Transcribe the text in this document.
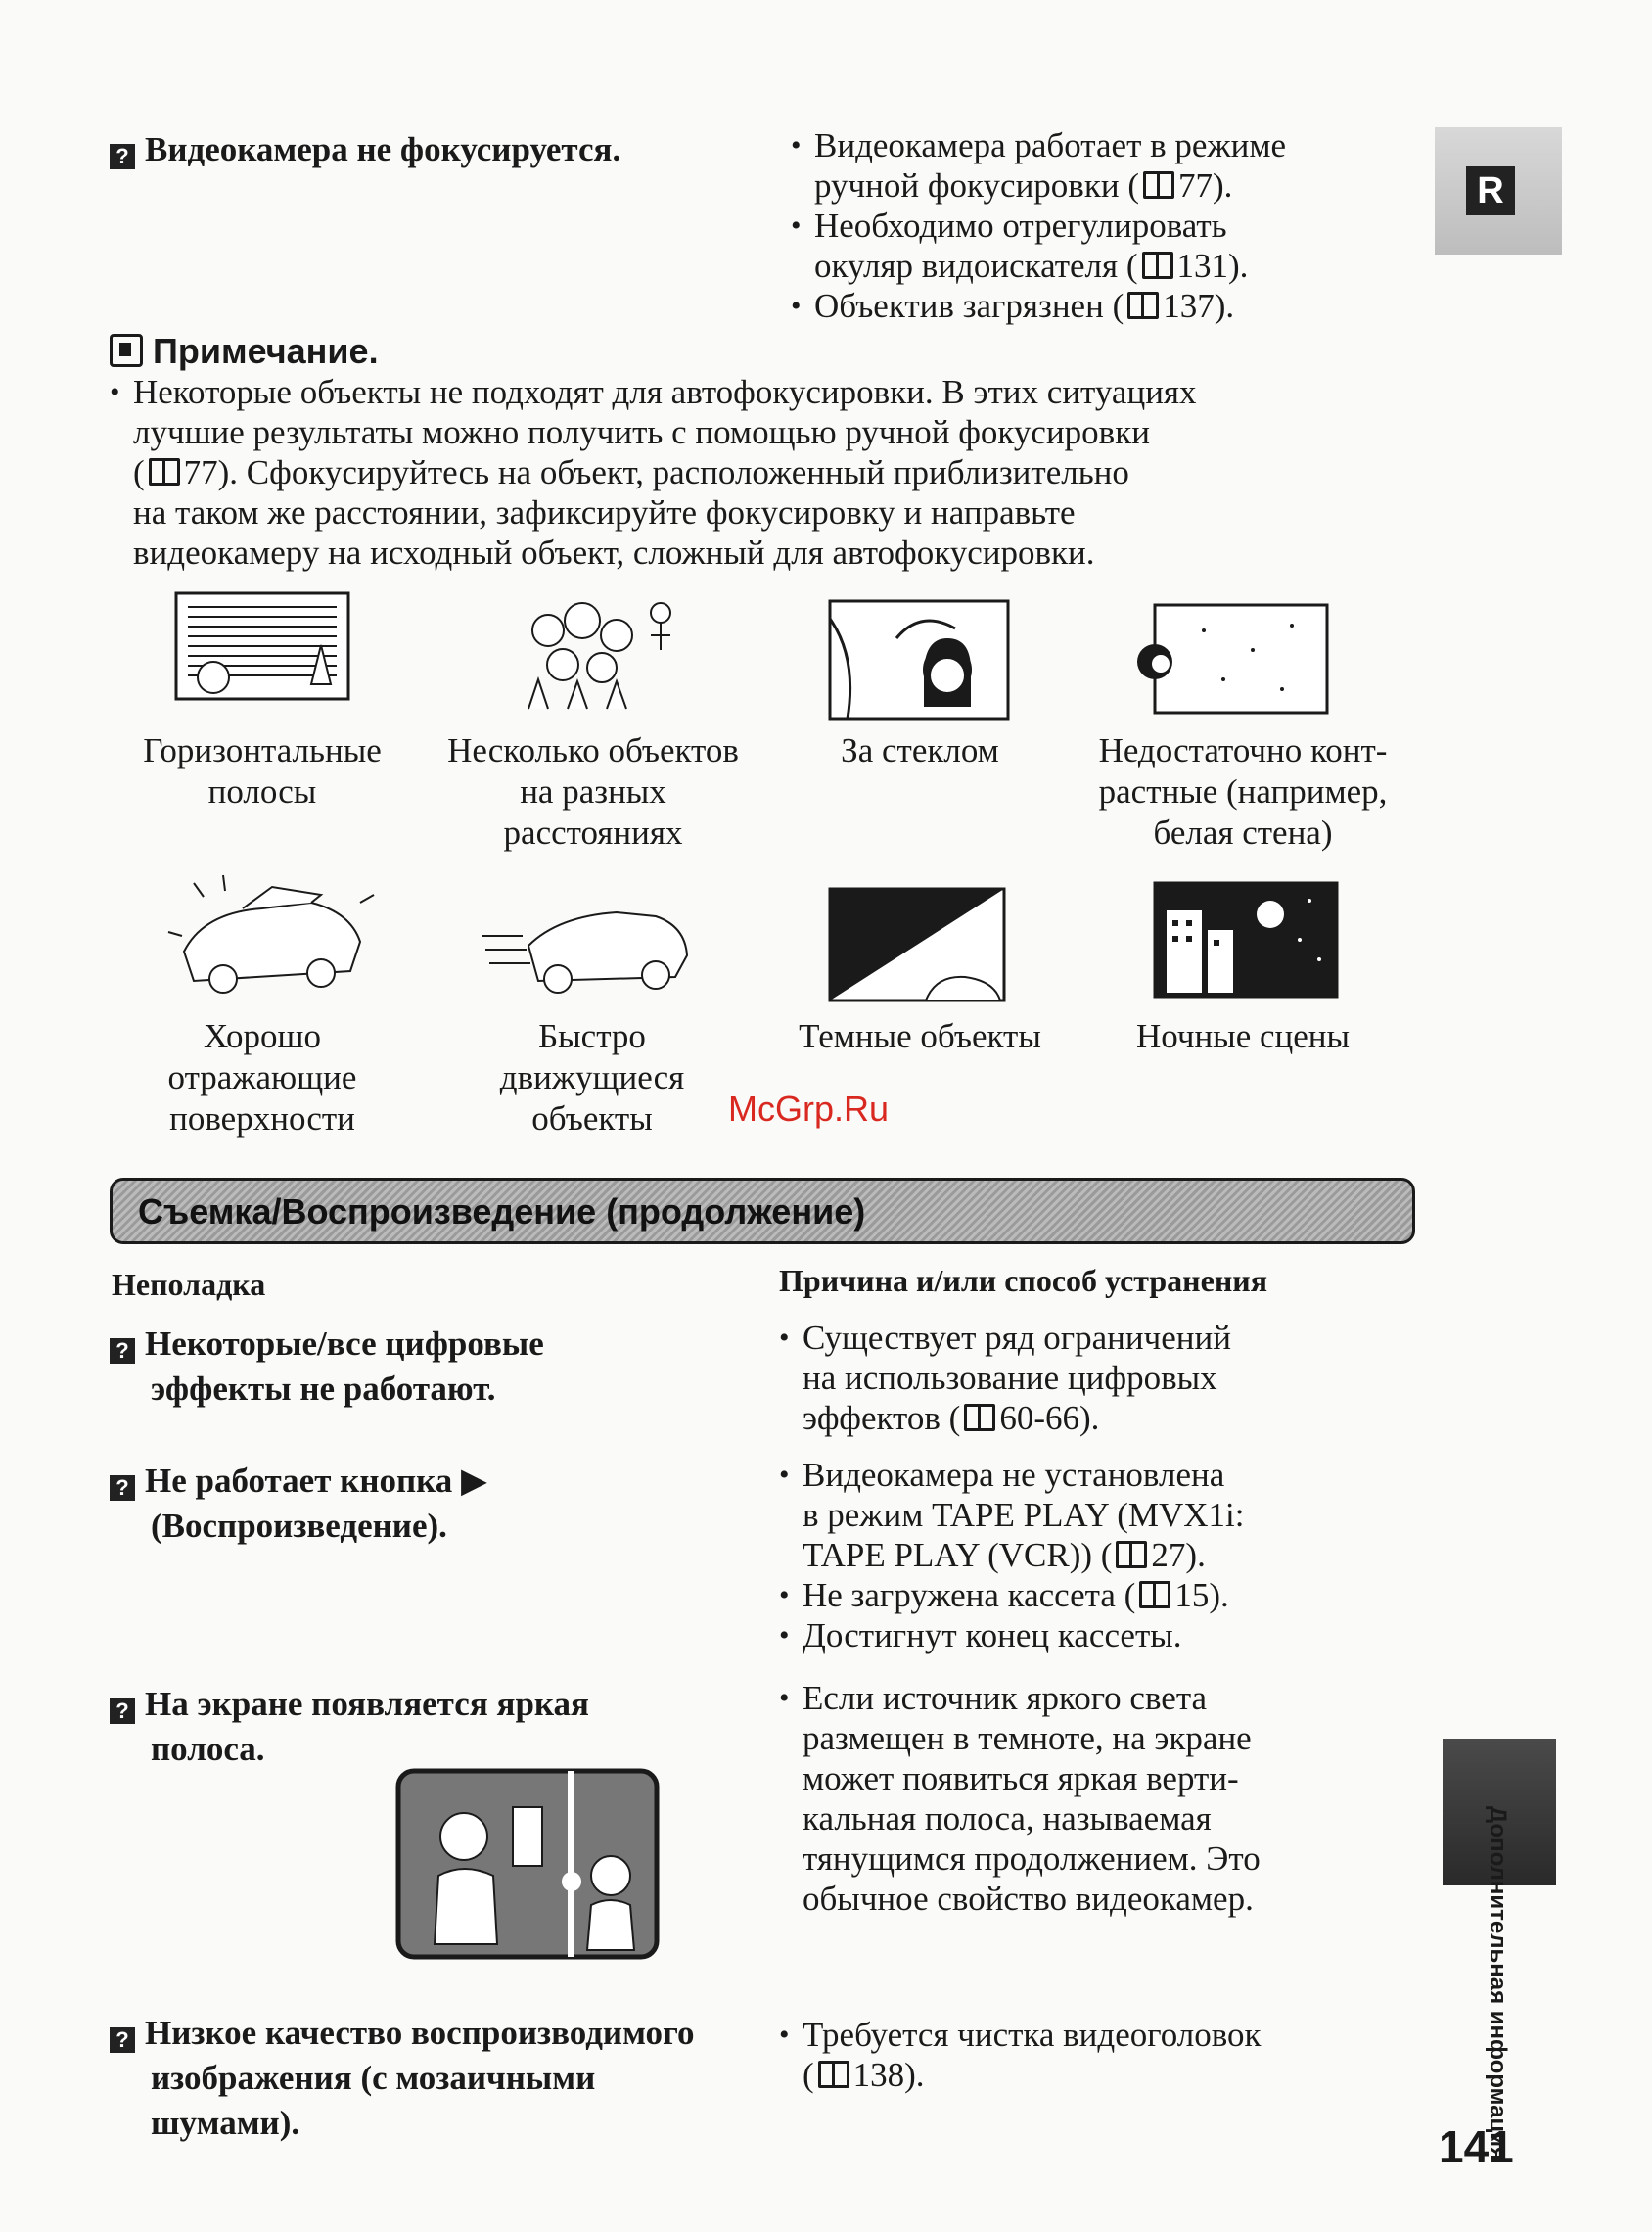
? Видеокамера не фокусируется.

•	Видеокамера работает в режиме
ручной фокусировки ( 77).

• Необходимо отрегулировать
окуляр видоискателя ( 131).

• Объектив загрязнен ( 137).

R
Примечание.

• Некоторые объекты не подходят для автофокусировки. В этих ситуациях
лучшие результаты можно получить с помощью ручной фокусировки
( 77). Сфокусируйтесь на объект, расположенный приблизительно
на таком же расстоянии, зафиксируйте фокусировку и направьте
видеокамеру на исходный объект, сложный для автофокусировки.

Горизонтальные
полосы
Несколько объектов
на разных
расстояниях
За стеклом	Недостаточно конт-
растные (например,
белая стена)
Хорошо
отражающие
поверхности
Быстро
движущиеся
объекты
Темные объекты	Ночные сцены
McGrp.Ru
Съемка/Воспроизведение (продолжение)
Неполадка	Причина и/или способ устранения
? Некоторые/все цифровые
эффекты не работают.

• Существует ряд ограничений
на использование цифровых
эффектов ( 60-66).

? Не работает кнопка ▶
(Воспроизведение).

• Видеокамера не установлена
в режим TAPE PLAY (MVX1i:
TAPE PLAY (VCR)) ( 27).

• Не загружена кассета ( 15).

• Достигнут конец кассеты.

? На экране появляется яркая
полоса.

• Если источник яркого света
размещен в темноте, на экране
может появиться яркая верти-
кальная полоса, называемая
тянущимся продолжением. Это
обычное свойство видеокамер.

? Низкое качество воспроизводимого
изображения (с мозаичными
шумами).

• Требуется чистка видеоголовок
( 138).	Дополнительная информация
141
